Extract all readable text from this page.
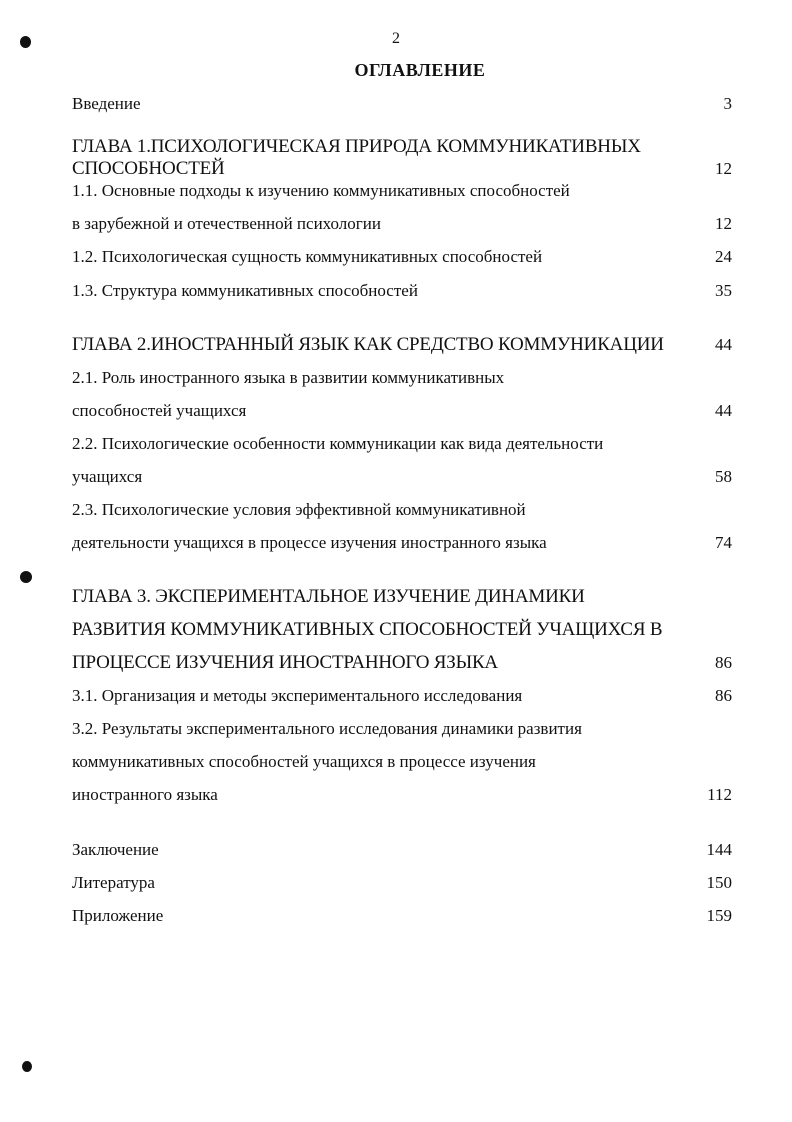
2
ОГЛАВЛЕНИЕ
Введение	3
ГЛАВА 1.ПСИХОЛОГИЧЕСКАЯ ПРИРОДА КОММУНИКАТИВНЫХ
СПОСОБНОСТЕЙ	12
1.1. Основные подходы к изучению коммуникативных способностей
в зарубежной и отечественной психологии	12
1.2. Психологическая сущность коммуникативных способностей	24
1.3. Структура коммуникативных способностей	35
ГЛАВА 2.ИНОСТРАННЫЙ ЯЗЫК КАК СРЕДСТВО КОММУНИКАЦИИ	44
2.1. Роль иностранного языка в развитии коммуникативных
способностей учащихся	44
2.2. Психологические особенности коммуникации как вида деятельности
учащихся	58
2.3. Психологические условия эффективной коммуникативной
деятельности учащихся в процессе изучения иностранного языка	74
ГЛАВА 3. ЭКСПЕРИМЕНТАЛЬНОЕ ИЗУЧЕНИЕ ДИНАМИКИ
РАЗВИТИЯ КОММУНИКАТИВНЫХ СПОСОБНОСТЕЙ УЧАЩИХСЯ В
ПРОЦЕССЕ ИЗУЧЕНИЯ ИНОСТРАННОГО ЯЗЫКА	86
3.1. Организация и методы экспериментального исследования	86
3.2. Результаты экспериментального исследования динамики развития
коммуникативных способностей учащихся в процессе изучения
иностранного языка	112
Заключение	144
Литература	150
Приложение	159
